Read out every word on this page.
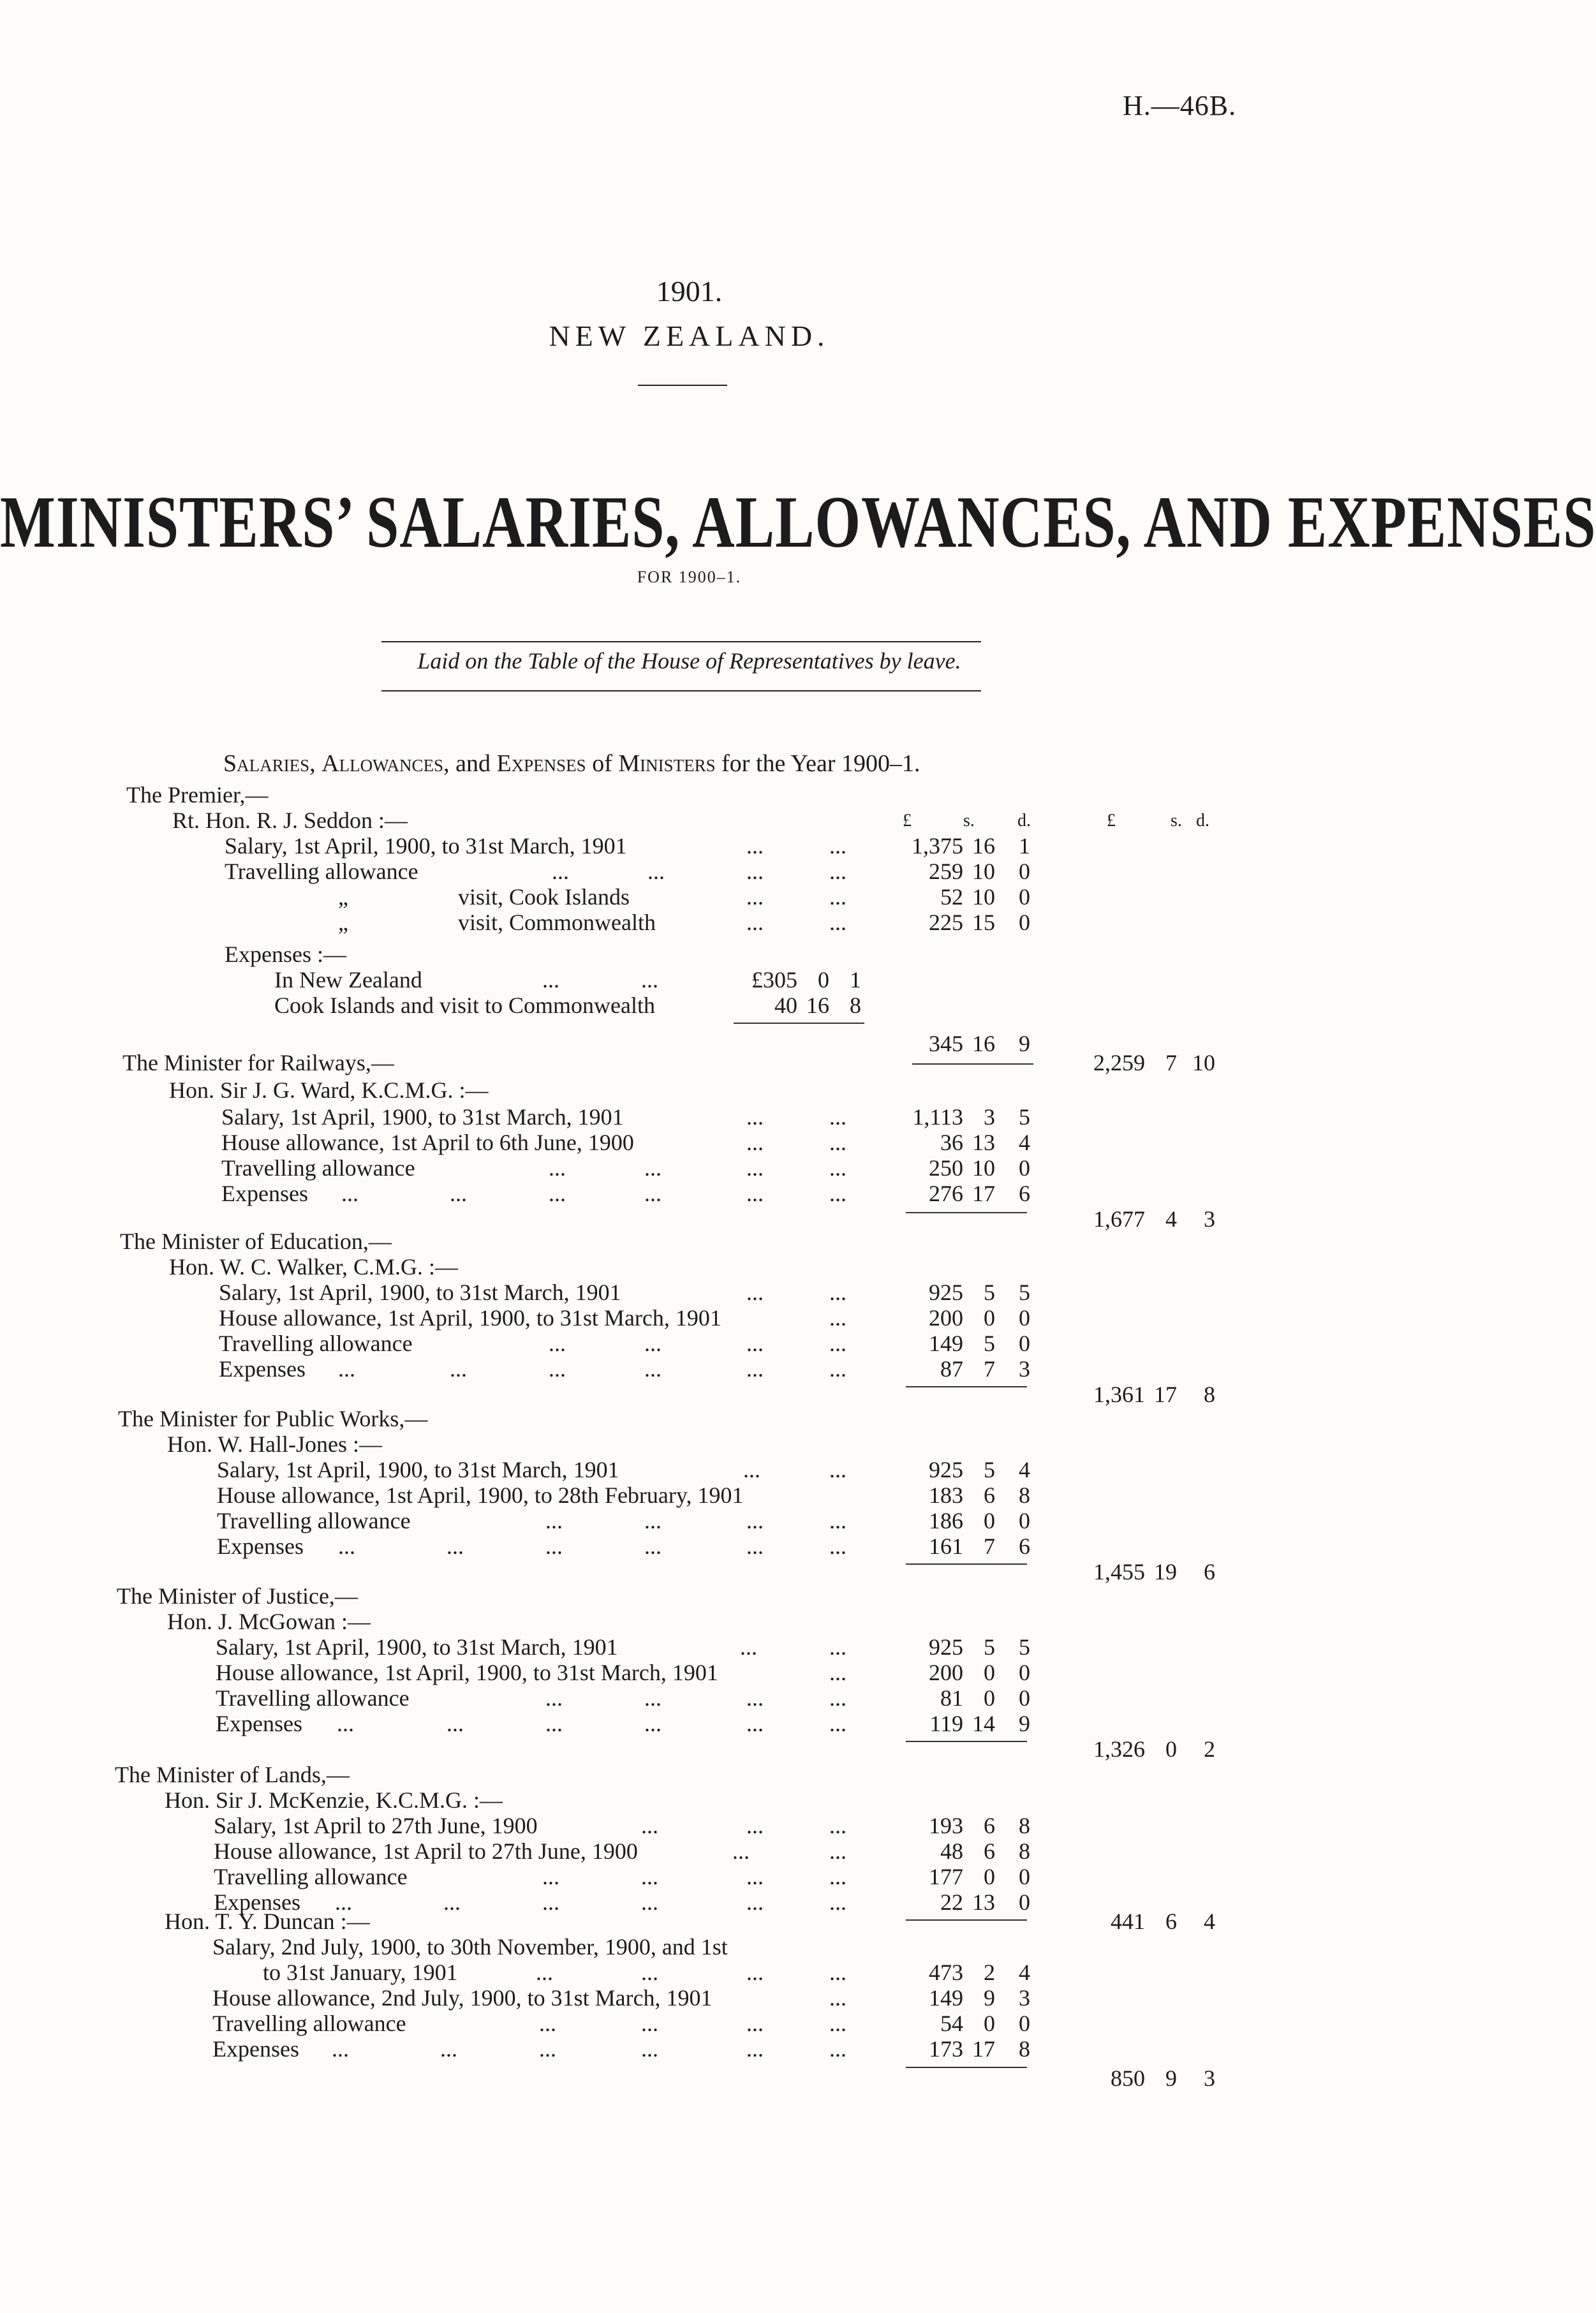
H.—46B.
1901.
NEW ZEALAND.
MINISTERS’ SALARIES, ALLOWANCES, AND EXPENSES
FOR 1900–1.
Laid on the Table of the House of Representatives by leave.
Salaries, Allowances, and Expenses of Ministers for the Year 1900–1.
The Premier,—
Rt. Hon. R. J. Seddon :—	£	s. d.	£	s. d.
Salary, 1st April, 1900, to 31st March, 1901	...	...	1,375 16	1
Travelling allowance	...	...	...	...	259 10	0
„	visit, Cook Islands	...	...	52 10	0
„	visit, Commonwealth	...	...	225 15	0
Expenses :—
In New Zealand	...	...	£305 0 1
Cook Islands and visit to Commonwealth	40 16 8
345 16	9
The Minister for Railways,—	2,259 7 10
Hon. Sir J. G. Ward, K.C.M.G. :—
Salary, 1st April, 1900, to 31st March, 1901	...	...	1,113 3	5
House allowance, 1st April to 6th June, 1900	...	...	36 13	4
Travelling allowance	...	...	...	...	250 10	0
Expenses ...	...	...	...	...	...	276 17	6
1,677 4	3
The Minister of Education,—
Hon. W. C. Walker, C.M.G. :—
Salary, 1st April, 1900, to 31st March, 1901	...	...	925 5	5
House allowance, 1st April, 1900, to 31st March, 1901	...	200 0	0
Travelling allowance	...	...	...	...	149 5	0
Expenses ...	...	...	...	...	...	87 7	3
1,361 17	8
The Minister for Public Works,—
Hon. W. Hall-Jones :—
Salary, 1st April, 1900, to 31st March, 1901	...	...	925 5	4
House allowance, 1st April, 1900, to 28th February, 1901	183 6	8
Travelling allowance	...	...	...	...	186 0	0
Expenses ...	...	...	...	...	...	161 7	6
1,455 19	6
The Minister of Justice,—
Hon. J. McGowan :—
Salary, 1st April, 1900, to 31st March, 1901	...	...	925 5	5
House allowance, 1st April, 1900, to 31st March, 1901	...	200 0	0
Travelling allowance	...	...	...	...	81 0	0
Expenses ...	...	...	...	...	...	119 14	9
1,326 0	2
The Minister of Lands,—
Hon. Sir J. McKenzie, K.C.M.G. :—
Salary, 1st April to 27th June, 1900	...	...	...	193 6	8
House allowance, 1st April to 27th June, 1900	...	...	48 6	8
Travelling allowance	...	...	...	...	177 0	0
Expenses ...	...	...	...	...	...	22 13	0
Hon. T. Y. Duncan :—	441 6	4
Salary, 2nd July, 1900, to 30th November, 1900, and 1st
to 31st January, 1901	...	...	...	...	473 2	4
House allowance, 2nd July, 1900, to 31st March, 1901	...	149 9	3
Travelling allowance	...	...	...	...	54 0	0
Expenses ...	...	...	...	...	...	173 17	8
850 9	3
